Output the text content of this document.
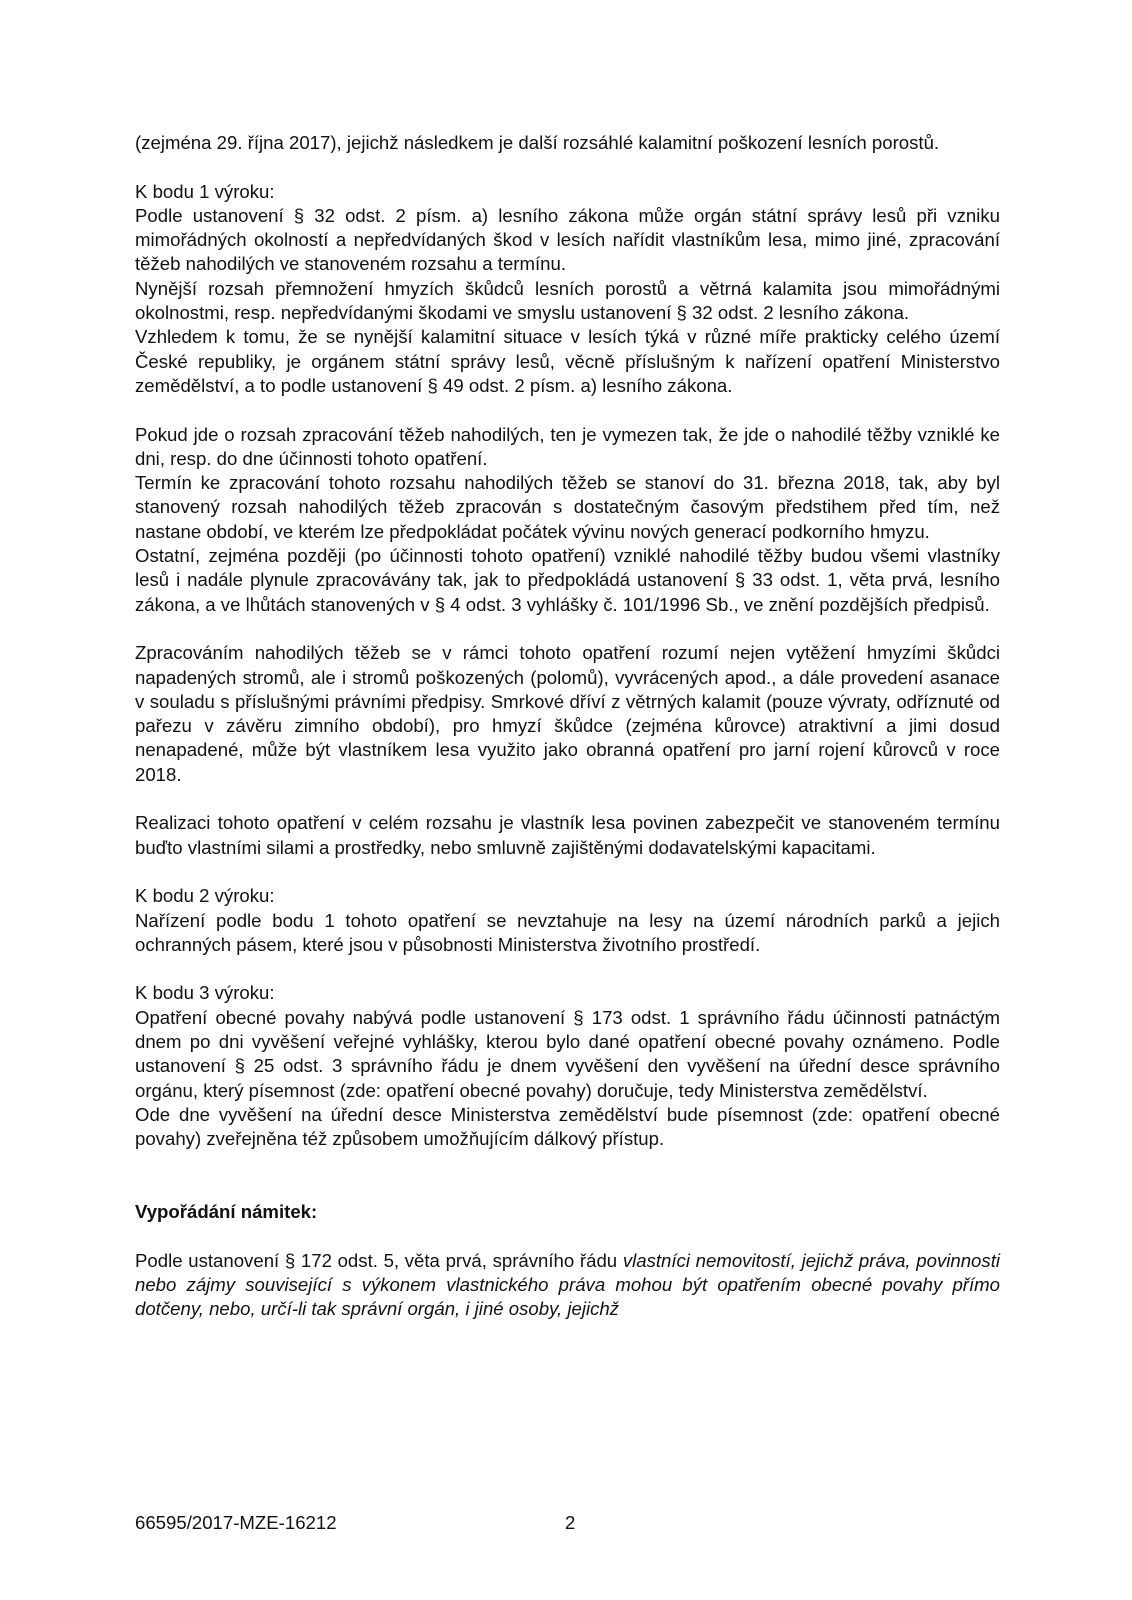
(zejména 29. října 2017), jejichž následkem je další rozsáhlé kalamitní poškození lesních porostů.

K bodu 1 výroku:

Podle ustanovení § 32 odst. 2 písm. a) lesního zákona může orgán státní správy lesů při vzniku mimořádných okolností a nepředvídaných škod v lesích nařídit vlastníkům lesa, mimo jiné, zpracování těžeb nahodilých ve stanoveném rozsahu a termínu.

Nynější rozsah přemnožení hmyzích škůdců lesních porostů a větrná kalamita jsou mimořádnými okolnostmi, resp. nepředvídanými škodami ve smyslu ustanovení § 32 odst. 2 lesního zákona.

Vzhledem k tomu, že se nynější kalamitní situace v lesích týká v různé míře prakticky celého území České republiky, je orgánem státní správy lesů, věcně příslušným k nařízení opatření Ministerstvo zemědělství, a to podle ustanovení § 49 odst. 2 písm. a) lesního zákona.

Pokud jde o rozsah zpracování těžeb nahodilých, ten je vymezen tak, že jde o nahodilé těžby vzniklé ke dni, resp. do dne účinnosti tohoto opatření.

Termín ke zpracování tohoto rozsahu nahodilých těžeb se stanoví do 31. března 2018, tak, aby byl stanovený rozsah nahodilých těžeb zpracován s dostatečným časovým předstihem před tím, než nastane období, ve kterém lze předpokládat počátek vývinu nových generací podkorního hmyzu.

Ostatní, zejména později (po účinnosti tohoto opatření) vzniklé nahodilé těžby budou všemi vlastníky lesů i nadále plynule zpracovávány tak, jak to předpokládá ustanovení § 33 odst. 1, věta prvá, lesního zákona, a ve lhůtách stanovených v § 4 odst. 3 vyhlášky č. 101/1996 Sb., ve znění pozdějších předpisů.

Zpracováním nahodilých těžeb se v rámci tohoto opatření rozumí nejen vytěžení hmyzími škůdci napadených stromů, ale i stromů poškozených (polomů), vyvrácených apod., a dále provedení asanace v souladu s příslušnými právními předpisy. Smrkové dříví z větrných kalamit (pouze vývraty, odříznuté od pařezu v závěru zimního období), pro hmyzí škůdce (zejména kůrovce) atraktivní a jimi dosud nenapadené, může být vlastníkem lesa využito jako obranná opatření pro jarní rojení kůrovců v roce 2018.

Realizaci tohoto opatření v celém rozsahu je vlastník lesa povinen zabezpečit ve stanoveném termínu buďto vlastními silami a prostředky, nebo smluvně zajištěnými dodavatelskými kapacitami.

K bodu 2 výroku:

Nařízení podle bodu 1 tohoto opatření se nevztahuje na lesy na území národních parků a jejich ochranných pásem, které jsou v působnosti Ministerstva životního prostředí.

K bodu 3 výroku:

Opatření obecné povahy nabývá podle ustanovení § 173 odst. 1 správního řádu účinnosti patnáctým dnem po dni vyvěšení veřejné vyhlášky, kterou bylo dané opatření obecné povahy oznámeno. Podle ustanovení § 25 odst. 3 správního řádu je dnem vyvěšení den vyvěšení na úřední desce správního orgánu, který písemnost (zde: opatření obecné povahy) doručuje, tedy Ministerstva zemědělství.

Ode dne vyvěšení na úřední desce Ministerstva zemědělství bude písemnost (zde: opatření obecné povahy) zveřejněna též způsobem umožňujícím dálkový přístup.

Vypořádání námitek:

Podle ustanovení § 172 odst. 5, věta prvá, správního řádu vlastníci nemovitostí, jejichž práva, povinnosti nebo zájmy související s výkonem vlastnického práva mohou být opatřením obecné povahy přímo dotčeny, nebo, určí-li tak správní orgán, i jiné osoby, jejichž

66595/2017-MZE-16212	2
